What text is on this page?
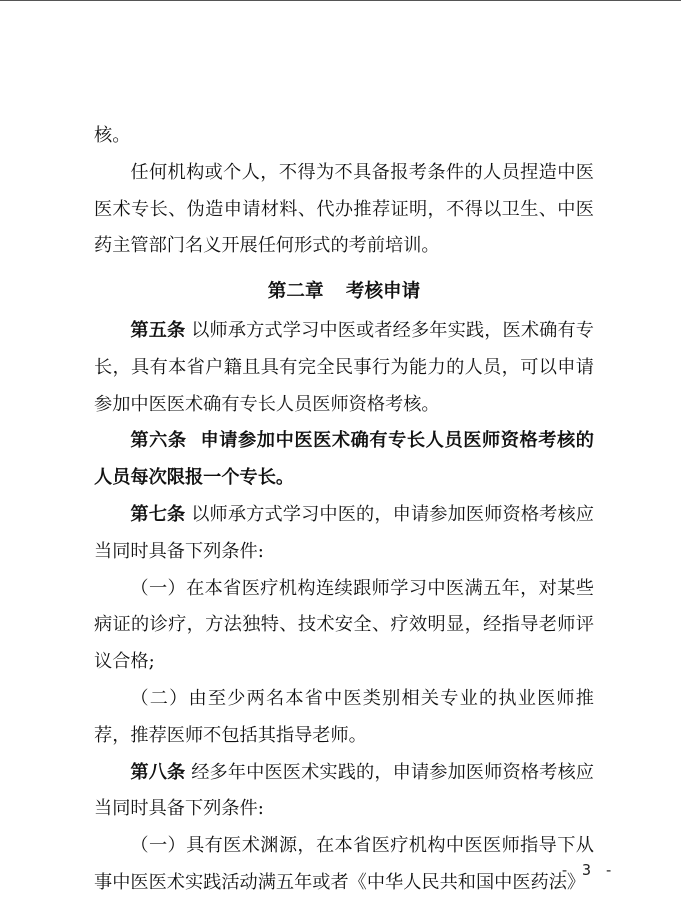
核。

任何机构或个人，不得为不具备报考条件的人员捏造中医医术专长、伪造申请材料、代办推荐证明，不得以卫生、中医药主管部门名义开展任何形式的考前培训。

第二章 考核申请

第五条 以师承方式学习中医或者经多年实践，医术确有专长，具有本省户籍且具有完全民事行为能力的人员，可以申请参加中医医术确有专长人员医师资格考核。

第六条 申请参加中医医术确有专长人员医师资格考核的人员每次限报一个专长。

第七条 以师承方式学习中医的，申请参加医师资格考核应当同时具备下列条件:

（一）在本省医疗机构连续跟师学习中医满五年，对某些病证的诊疗，方法独特、技术安全、疗效明显，经指导老师评议合格;

（二）由至少两名本省中医类别相关专业的执业医师推荐，推荐医师不包括其指导老师。

第八条 经多年中医医术实践的，申请参加医师资格考核应当同时具备下列条件:

（一）具有医术渊源，在本省医疗机构中医医师指导下从事中医医术实践活动满五年或者《中华人民共和国中医药法》

- 3 -
